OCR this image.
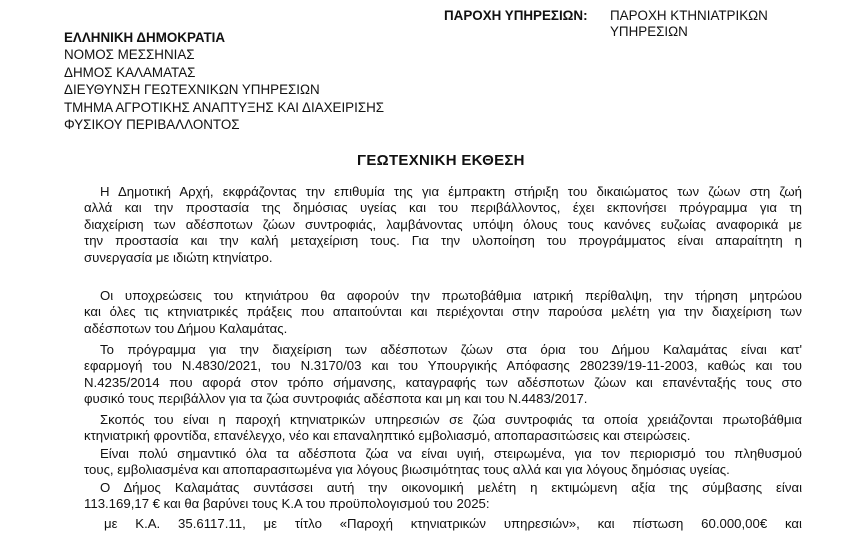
ΠΑΡΟΧΗ ΥΠΗΡΕΣΙΩΝ: ΠΑΡΟΧΗ ΚΤΗΝΙΑΤΡΙΚΩΝ
ΥΠΗΡΕΣΙΩΝ
ΕΛΛΗΝΙΚΗ ΔΗΜΟΚΡΑΤΙΑ
ΝΟΜΟΣ ΜΕΣΣΗΝΙΑΣ
ΔΗΜΟΣ ΚΑΛΑΜΑΤΑΣ
ΔΙΕΥΘΥΝΣΗ ΓΕΩΤΕΧΝΙΚΩΝ ΥΠΗΡΕΣΙΩΝ
ΤΜΗΜΑ ΑΓΡΟΤΙΚΗΣ ΑΝΑΠΤΥΞΗΣ ΚΑΙ ΔΙΑΧΕΙΡΙΣΗΣ
ΦΥΣΙΚΟΥ ΠΕΡΙΒΑΛΛΟΝΤΟΣ
ΓΕΩΤΕΧΝΙΚΗ ΕΚΘΕΣΗ
Η Δημοτική Αρχή, εκφράζοντας την επιθυμία της για έμπρακτη στήριξη του δικαιώματος των ζώων στη ζωή
αλλά και την προστασία της δημόσιας υγείας και του περιβάλλοντος, έχει εκπονήσει πρόγραμμα για τη
διαχείριση των αδέσποτων ζώων συντροφιάς, λαμβάνοντας υπόψη όλους τους κανόνες ευζωίας αναφορικά με
την προστασία και την καλή μεταχείριση τους. Για την υλοποίηση του προγράμματος είναι απαραίτητη η
συνεργασία με ιδιώτη κτηνίατρο.
Οι υποχρεώσεις του κτηνιάτρου θα αφορούν την πρωτοβάθμια ιατρική περίθαλψη, την τήρηση μητρώου
και όλες τις κτηνιατρικές πράξεις που απαιτούνται και περιέχονται στην παρούσα μελέτη για την διαχείριση των
αδέσποτων του Δήμου Καλαμάτας.
Το πρόγραμμα για την διαχείριση των αδέσποτων ζώων στα όρια του Δήμου Καλαμάτας είναι κατ'
εφαρμογή του Ν.4830/2021, του Ν.3170/03 και του Υπουργικής Απόφασης 280239/19-11-2003, καθώς και του
Ν.4235/2014 που αφορά στον τρόπο σήμανσης, καταγραφής των αδέσποτων ζώων και επανένταξής τους στο
φυσικό τους περιβάλλον για τα ζώα συντροφιάς αδέσποτα και μη και του Ν.4483/2017.
Σκοπός του είναι η παροχή κτηνιατρικών υπηρεσιών σε ζώα συντροφιάς τα οποία χρειάζονται πρωτοβάθμια
κτηνιατρική φροντίδα, επανέλεγχο, νέο και επαναληπτικό εμβολιασμό, αποπαρασιτώσεις και στειρώσεις.
Είναι πολύ σημαντικό όλα τα αδέσποτα ζώα να είναι υγιή, στειρωμένα, για τον περιορισμό του πληθυσμού
τους, εμβολιασμένα και αποπαρασιτωμένα για λόγους βιωσιμότητας τους αλλά και για λόγους δημόσιας υγείας.
Ο Δήμος Καλαμάτας συντάσσει αυτή την οικονομική μελέτη η εκτιμώμενη αξία της σύμβασης είναι
113.169,17 € και θα βαρύνει τους Κ.Α του προϋπολογισμού του 2025:
με Κ.Α. 35.6117.11, με τίτλο «Παροχή κτηνιατρικών υπηρεσιών», και πίστωση 60.000,00€ και
